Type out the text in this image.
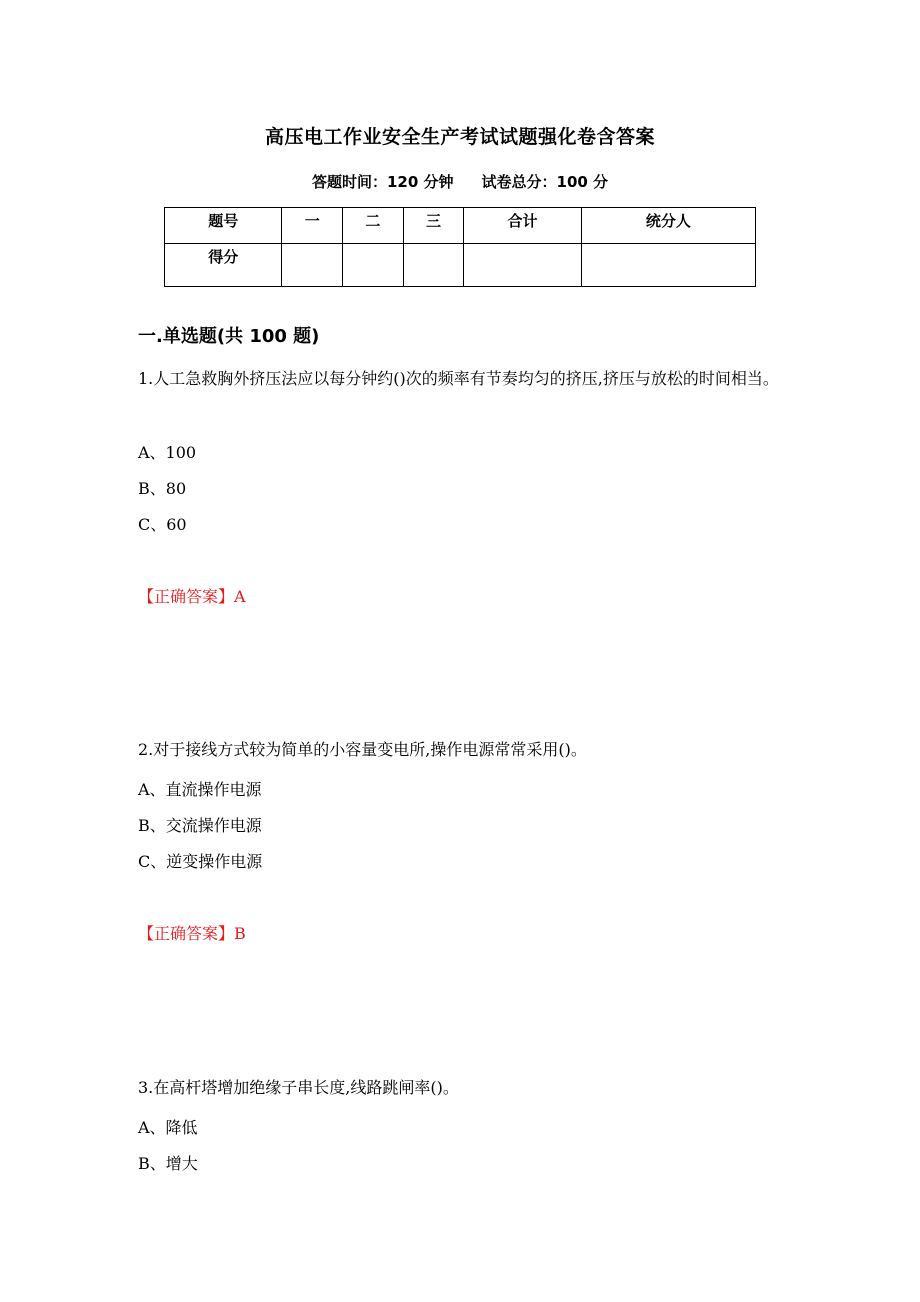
高压电工作业安全生产考试试题强化卷含答案
答题时间：120 分钟 试卷总分：100 分
题号	一	二	三	合计	统分人
得分					
一.单选题(共 100 题)
1.人工急救胸外挤压法应以每分钟约()次的频率有节奏均匀的挤压,挤压与放松的时间相当。
A、100
B、80
C、60
【正确答案】A
2.对于接线方式较为简单的小容量变电所,操作电源常常采用()。
A、直流操作电源
B、交流操作电源
C、逆变操作电源
【正确答案】B
3.在高杆塔增加绝缘子串长度,线路跳闸率()。
A、降低
B、增大
